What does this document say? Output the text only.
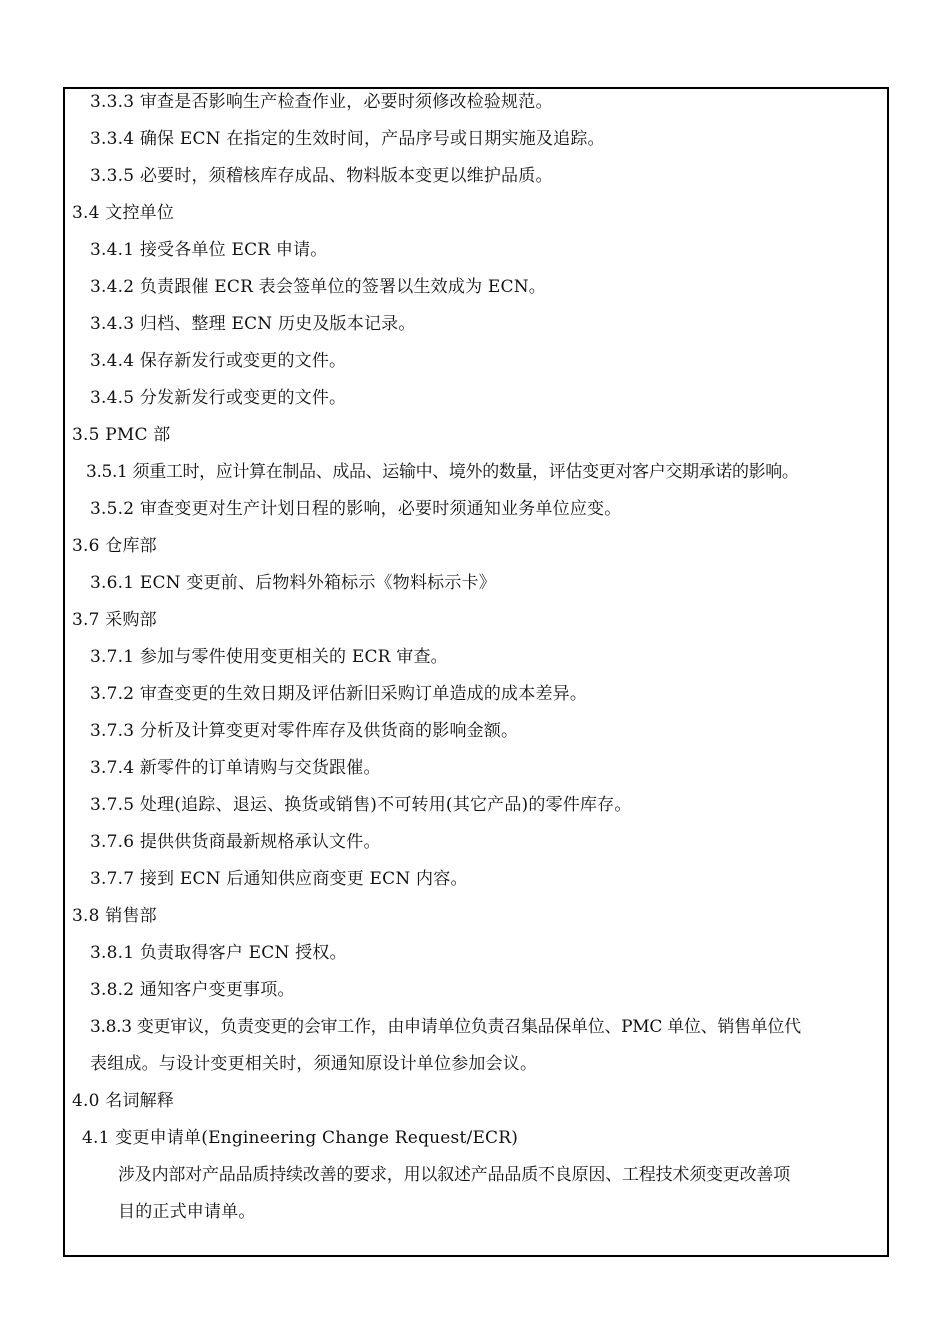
3.3.3 审查是否影响生产检查作业，必要时须修改检验规范。
3.3.4 确保 ECN 在指定的生效时间，产品序号或日期实施及追踪。
3.3.5 必要时，须稽核库存成品、物料版本变更以维护品质。
3.4 文控单位
3.4.1 接受各单位 ECR 申请。
3.4.2 负责跟催 ECR 表会签单位的签署以生效成为 ECN。
3.4.3 归档、整理 ECN 历史及版本记录。
3.4.4 保存新发行或变更的文件。
3.4.5 分发新发行或变更的文件。
3.5 PMC 部
3.5.1 须重工时，应计算在制品、成品、运输中、境外的数量，评估变更对客户交期承诺的影响。
3.5.2 审查变更对生产计划日程的影响，必要时须通知业务单位应变。
3.6 仓库部
3.6.1 ECN 变更前、后物料外箱标示《物料标示卡》
3.7 采购部
3.7.1 参加与零件使用变更相关的 ECR 审查。
3.7.2 审查变更的生效日期及评估新旧采购订单造成的成本差异。
3.7.3 分析及计算变更对零件库存及供货商的影响金额。
3.7.4 新零件的订单请购与交货跟催。
3.7.5 处理(追踪、退运、换货或销售)不可转用(其它产品)的零件库存。
3.7.6 提供供货商最新规格承认文件。
3.7.7 接到 ECN 后通知供应商变更 ECN 内容。
3.8 销售部
3.8.1 负责取得客户 ECN 授权。
3.8.2 通知客户变更事项。
3.8.3 变更审议，负责变更的会审工作，由申请单位负责召集品保单位、PMC 单位、销售单位代
表组成。与设计变更相关时，须通知原设计单位参加会议。
4.0 名词解释
4.1 变更申请单(Engineering Change Request/ECR)
涉及内部对产品品质持续改善的要求，用以叙述产品品质不良原因、工程技术须变更改善项
目的正式申请单。
